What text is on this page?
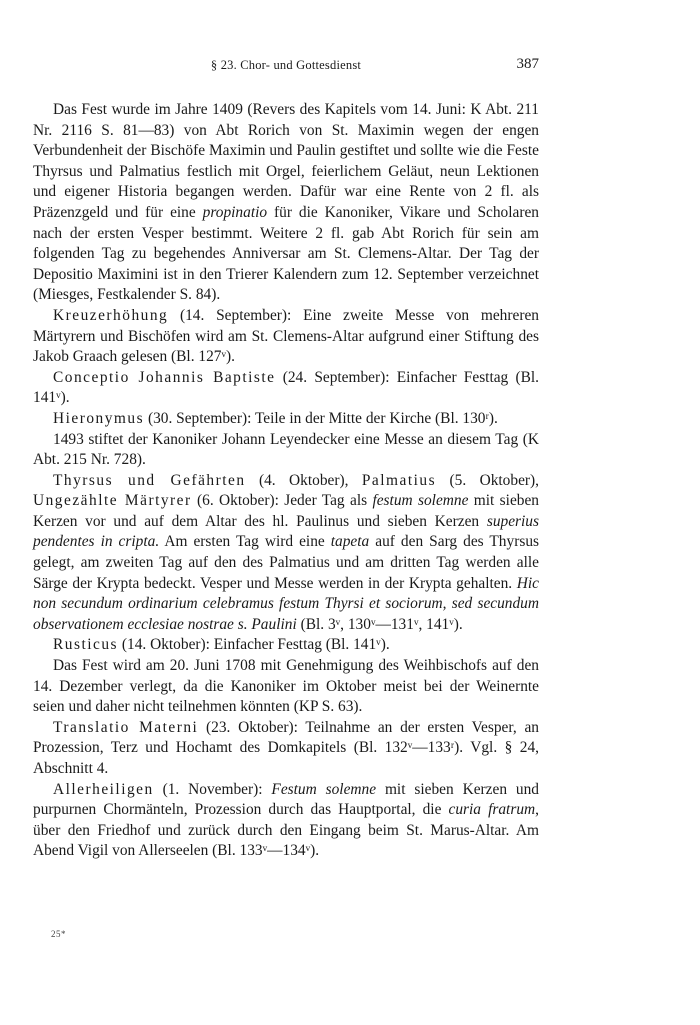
§ 23. Chor- und Gottesdienst	387

Das Fest wurde im Jahre 1409 (Revers des Kapitels vom 14. Juni: K Abt. 211 Nr. 2116 S. 81—83) von Abt Rorich von St. Maximin wegen der engen Verbundenheit der Bischöfe Maximin und Paulin gestiftet und sollte wie die Feste Thyrsus und Palmatius festlich mit Orgel, feierlichem Geläut, neun Lektionen und eigener Historia begangen werden. Dafür war eine Rente von 2 fl. als Präzenzgeld und für eine propinatio für die Kanoniker, Vikare und Scholaren nach der ersten Vesper bestimmt. Weitere 2 fl. gab Abt Rorich für sein am folgenden Tag zu begehendes Anniversar am St. Clemens-Altar. Der Tag der Depositio Maximini ist in den Trierer Kalendern zum 12. September verzeichnet (Miesges, Festkalender S. 84).

Kreuzerhöhung (14. September): Eine zweite Messe von mehreren Märtyrern und Bischöfen wird am St. Clemens-Altar aufgrund einer Stiftung des Jakob Graach gelesen (Bl. 127ᵛ).

Conceptio Johannis Baptiste (24. September): Einfacher Festtag (Bl. 141ᵛ).

Hieronymus (30. September): Teile in der Mitte der Kirche (Bl. 130ʳ).

1493 stiftet der Kanoniker Johann Leyendecker eine Messe an diesem Tag (K Abt. 215 Nr. 728).

Thyrsus und Gefährten (4. Oktober), Palmatius (5. Oktober), Ungezählte Märtyrer (6. Oktober): Jeder Tag als festum solemne mit sieben Kerzen vor und auf dem Altar des hl. Paulinus und sieben Kerzen superius pendentes in cripta. Am ersten Tag wird eine tapeta auf den Sarg des Thyrsus gelegt, am zweiten Tag auf den des Palmatius und am dritten Tag werden alle Särge der Krypta bedeckt. Vesper und Messe werden in der Krypta gehalten. Hic non secundum ordinarium celebramus festum Thyrsi et sociorum, sed secundum observationem ecclesiae nostrae s. Paulini (Bl. 3ᵛ, 130ᵛ—131ᵛ, 141ᵛ).

Rusticus (14. Oktober): Einfacher Festtag (Bl. 141ᵛ).

Das Fest wird am 20. Juni 1708 mit Genehmigung des Weihbischofs auf den 14. Dezember verlegt, da die Kanoniker im Oktober meist bei der Weinernte seien und daher nicht teilnehmen könnten (KP S. 63).

Translatio Materni (23. Oktober): Teilnahme an der ersten Vesper, an Prozession, Terz und Hochamt des Domkapitels (Bl. 132ᵛ—133ʳ). Vgl. § 24, Abschnitt 4.

Allerheiligen (1. November): Festum solemne mit sieben Kerzen und purpurnen Chormänteln, Prozession durch das Hauptportal, die curia fratrum, über den Friedhof und zurück durch den Eingang beim St. Marus-Altar. Am Abend Vigil von Allerseelen (Bl. 133ᵛ—134ᵛ).

25*
